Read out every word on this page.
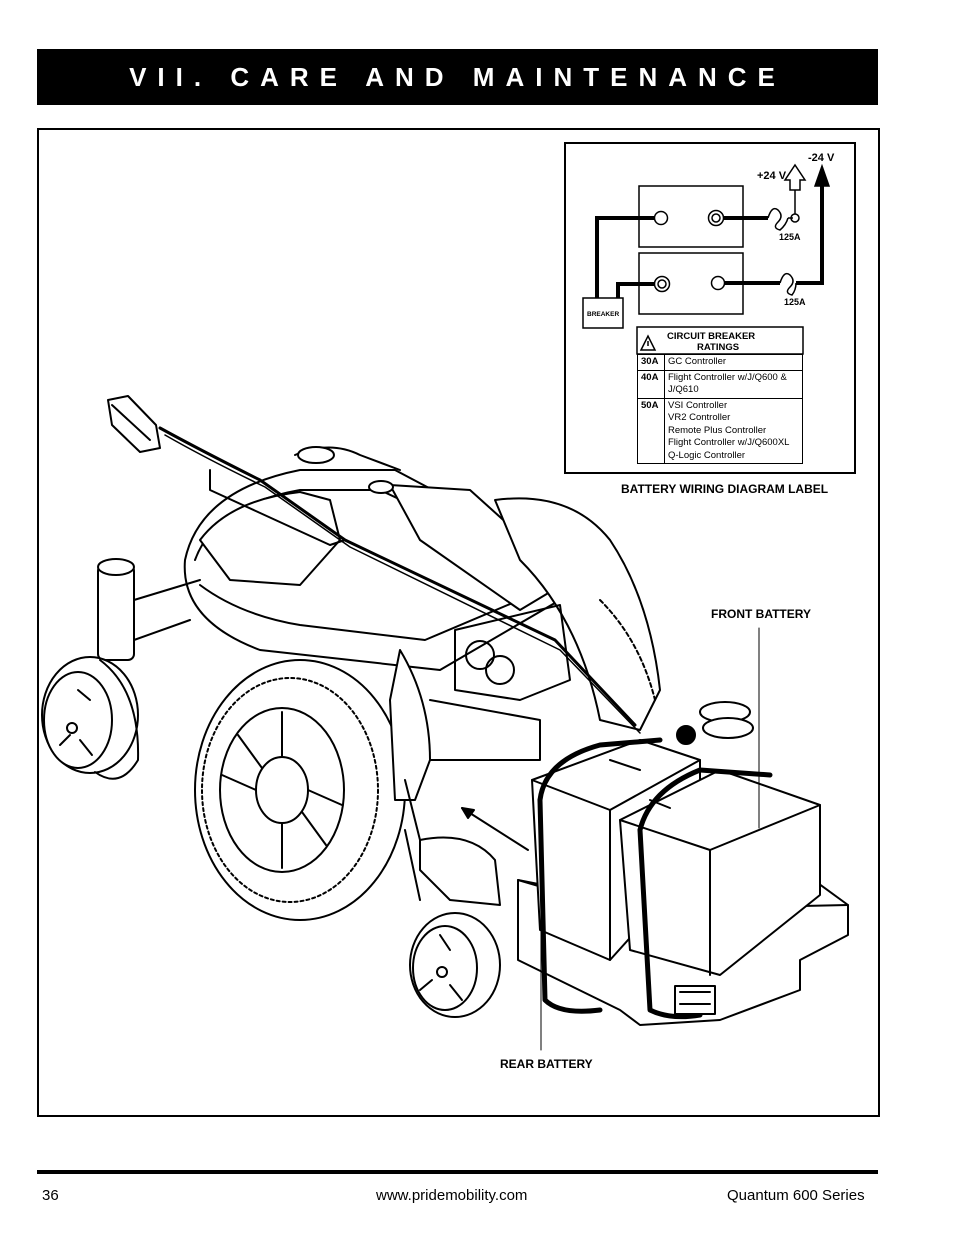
VII. CARE AND MAINTENANCE
-24 V
+24 V
125A
125A
BREAKER
CIRCUIT BREAKER
RATINGS
30A	GC Controller

40A	Flight Controller w/J/Q600 &
J/Q610

50A	VSI Controller
VR2 Controller
Remote Plus Controller
Flight Controller w/J/Q600XL
Q-Logic Controller
BATTERY WIRING DIAGRAM LABEL
FRONT BATTERY
REAR BATTERY
36	www.pridemobility.com	Quantum 600 Series
